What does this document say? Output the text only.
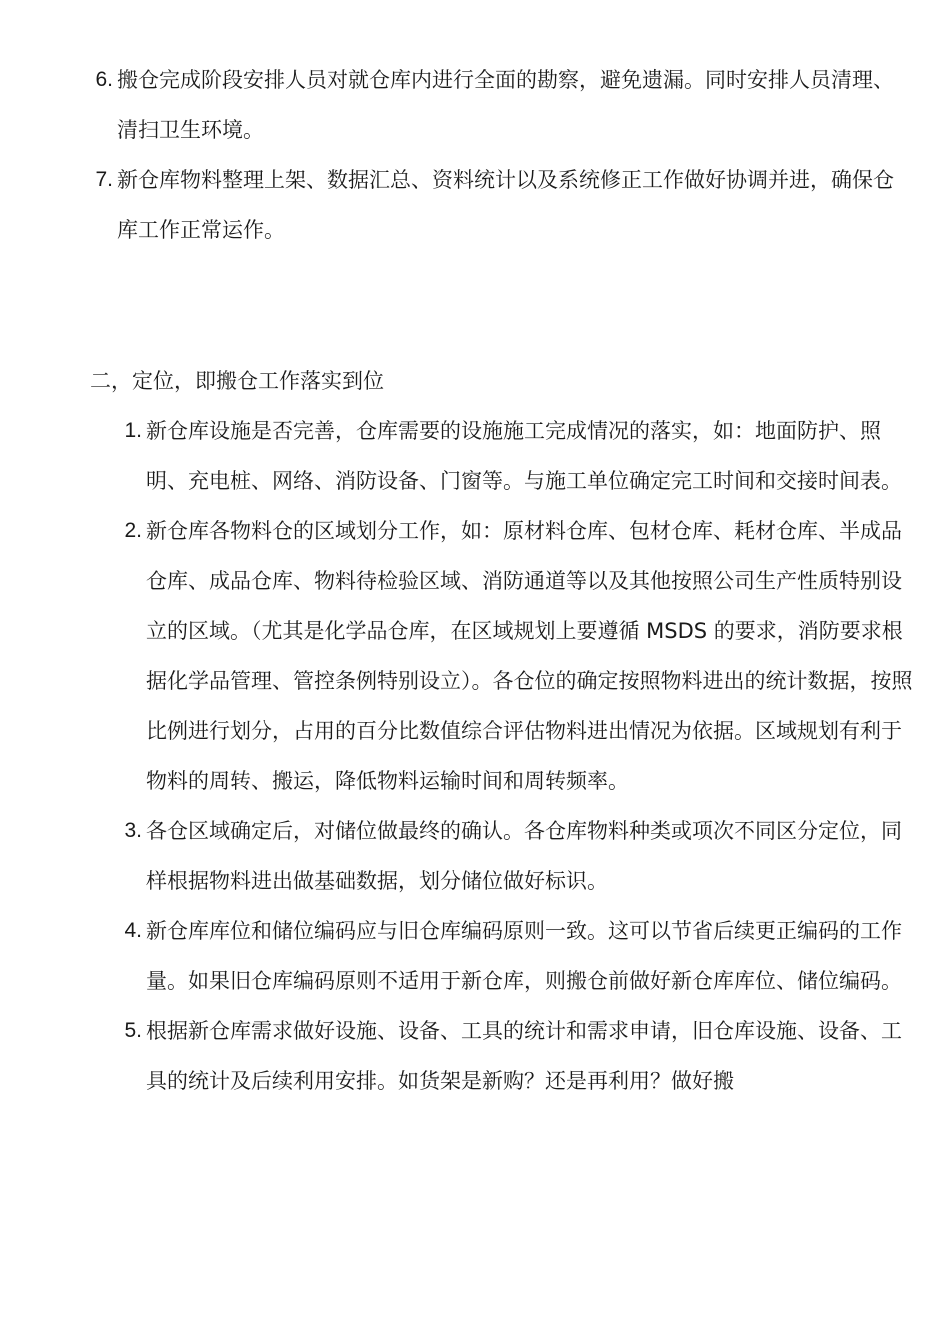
6. 搬仓完成阶段安排人员对就仓库内进行全面的勘察，避免遗漏。同时安排人员清理、清扫卫生环境。
7. 新仓库物料整理上架、数据汇总、资料统计以及系统修正工作做好协调并进，确保仓库工作正常运作。
二，定位，即搬仓工作落实到位
1. 新仓库设施是否完善，仓库需要的设施施工完成情况的落实，如：地面防护、照明、充电桩、网络、消防设备、门窗等。与施工单位确定完工时间和交接时间表。
2. 新仓库各物料仓的区域划分工作，如：原材料仓库、包材仓库、耗材仓库、半成品仓库、成品仓库、物料待检验区域、消防通道等以及其他按照公司生产性质特别设立的区域。（尤其是化学品仓库，在区域规划上要遵循 MSDS 的要求，消防要求根据化学品管理、管控条例特别设立）。各仓位的确定按照物料进出的统计数据，按照比例进行划分，占用的百分比数值综合评估物料进出情况为依据。区域规划有利于物料的周转、搬运，降低物料运输时间和周转频率。
3. 各仓区域确定后，对储位做最终的确认。各仓库物料种类或项次不同区分定位，同样根据物料进出做基础数据，划分储位做好标识。
4. 新仓库库位和储位编码应与旧仓库编码原则一致。这可以节省后续更正编码的工作量。如果旧仓库编码原则不适用于新仓库，则搬仓前做好新仓库库位、储位编码。
5. 根据新仓库需求做好设施、设备、工具的统计和需求申请，旧仓库设施、设备、工具的统计及后续利用安排。如货架是新购？还是再利用？做好搬
